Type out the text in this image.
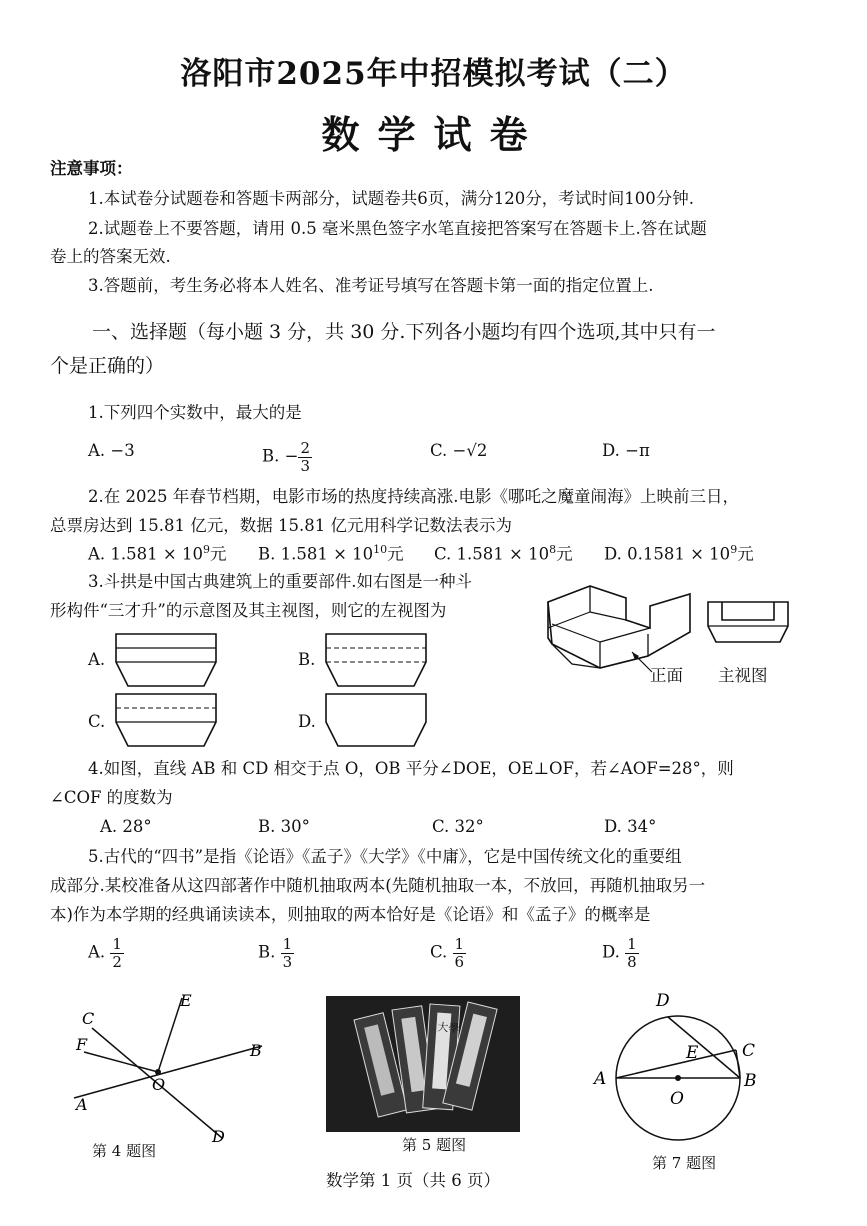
洛阳市2025年中招模拟考试（二）
数学试卷
注意事项：
1.本试卷分试题卷和答题卡两部分，试题卷共6页，满分120分，考试时间100分钟.
2.试题卷上不要答题，请用 0.5 毫米黑色签字水笔直接把答案写在答题卡上.答在试题
卷上的答案无效.
3.答题前，考生务必将本人姓名、准考证号填写在答题卡第一面的指定位置上.
一、选择题（每小题 3 分，共 30 分.下列各小题均有四个选项,其中只有一
个是正确的）
1.下列四个实数中，最大的是
A. −3	B. − $\frac{2}{3}$	C. −√2	D. −π
2.在 2025 年春节档期，电影市场的热度持续高涨.电影《哪吒之魔童闹海》上映前三日，
总票房达到 15.81 亿元，数据 15.81 亿元用科学记数法表示为
A. $1.581 \times 10^9$元 B. $1.581 \times 10^{10}$元 C. $1.581 \times 10^8$元 D. $0.1581 \times 10^9$元
3.斗拱是中国古典建筑上的重要部件.如右图是一种斗
形构件“三才升”的示意图及其主视图，则它的左视图为
A.	B.
C.	D.
正面 主视图
4.如图，直线 AB 和 CD 相交于点 O，OB 平分∠DOE，OE⊥OF，若∠AOF=28°，则
∠COF 的度数为
A. 28°	B. 30°	C. 32°	D. 34°
5.古代的“四书”是指《论语》《孟子》《大学》《中庸》，它是中国传统文化的重要组
成部分.某校准备从这四部著作中随机抽取两本(先随机抽取一本，不放回，再随机抽取另一
本)作为本学期的经典诵读读本，则抽取的两本恰好是《论语》和《孟子》的概率是
A. $\frac{1}{2}$	B. $\frac{1}{3}$	C. $\frac{1}{6}$	D. $\frac{1}{8}$
C
E
F	B
O
A
D
第 4 题图
大學
第 5 题图
D
E	C
A
O
B
第 7 题图
数学第 1 页（共 6 页）
